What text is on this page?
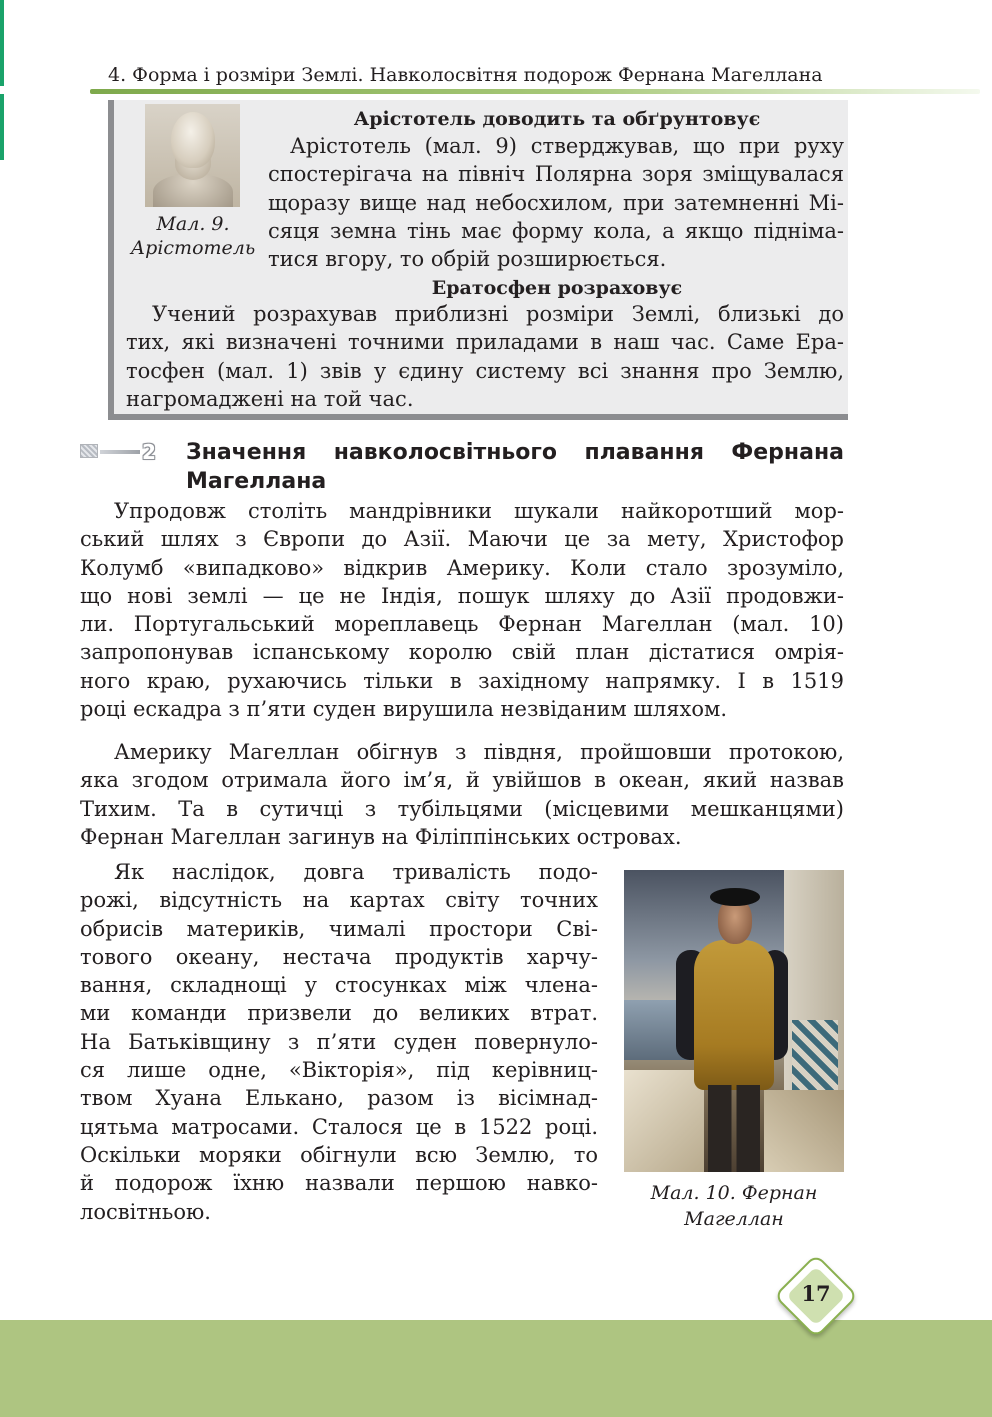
4. Форма і розміри Землі. Навколосвітня подорож Фернана Магеллана
Мал. 9.
Арістотель
Арістотель доводить та обґрунтовує
Арістотель (мал. 9) стверджував, що при руху
спостерігача на північ Полярна зоря зміщувалася
щоразу вище над небосхилом, при затемненні Мі-
сяця земна тінь має форму кола, а якщо підніма-
тися вгору, то обрій розширюється.
Ератосфен розраховує
Учений розрахував приблизні розміри Землі, близькі до
тих, які визначені точними приладами в наш час. Саме Ера-
тосфен (мал. 1) звів у єдину систему всі знання про Землю,
нагромаджені на той час.
2 Значення навколосвітнього плавання Фернана
Магеллана
Упродовж століть мандрівники шукали найкоротший мор-
ський шлях з Європи до Азії. Маючи це за мету, Христофор
Колумб «випадково» відкрив Америку. Коли стало зрозуміло,
що нові землі — це не Індія, пошук шляху до Азії продовжи-
ли. Португальський мореплавець Фернан Магеллан (мал. 10)
запропонував іспанському королю свій план дістатися омрія-
ного краю, рухаючись тільки в західному напрямку. І в 1519
році ескадра з п’яти суден вирушила незвіданим шляхом.
Америку Магеллан обігнув з півдня, пройшовши протокою,
яка згодом отримала його ім’я, й увійшов в океан, який назвав
Тихим. Та в сутичці з тубільцями (місцевими мешканцями)
Фернан Магеллан загинув на Філіппінських островах.
Як наслідок, довга тривалість подо-
рожі, відсутність на картах світу точних
обрисів материків, чималі простори Сві-
тового океану, нестача продуктів харчу-
вання, складнощі у стосунках між члена-
ми команди призвели до великих втрат.
На Батьківщину з п’яти суден повернуло-
ся лише одне, «Вікторія», під керівниц-
твом Хуана Елькано, разом із вісімнад-
цятьма матросами. Сталося це в 1522 році.
Оскільки моряки обігнули всю Землю, то
й подорож їхню назвали першою навко-
лосвітньою.
Мал. 10. Фернан
Магеллан
17
